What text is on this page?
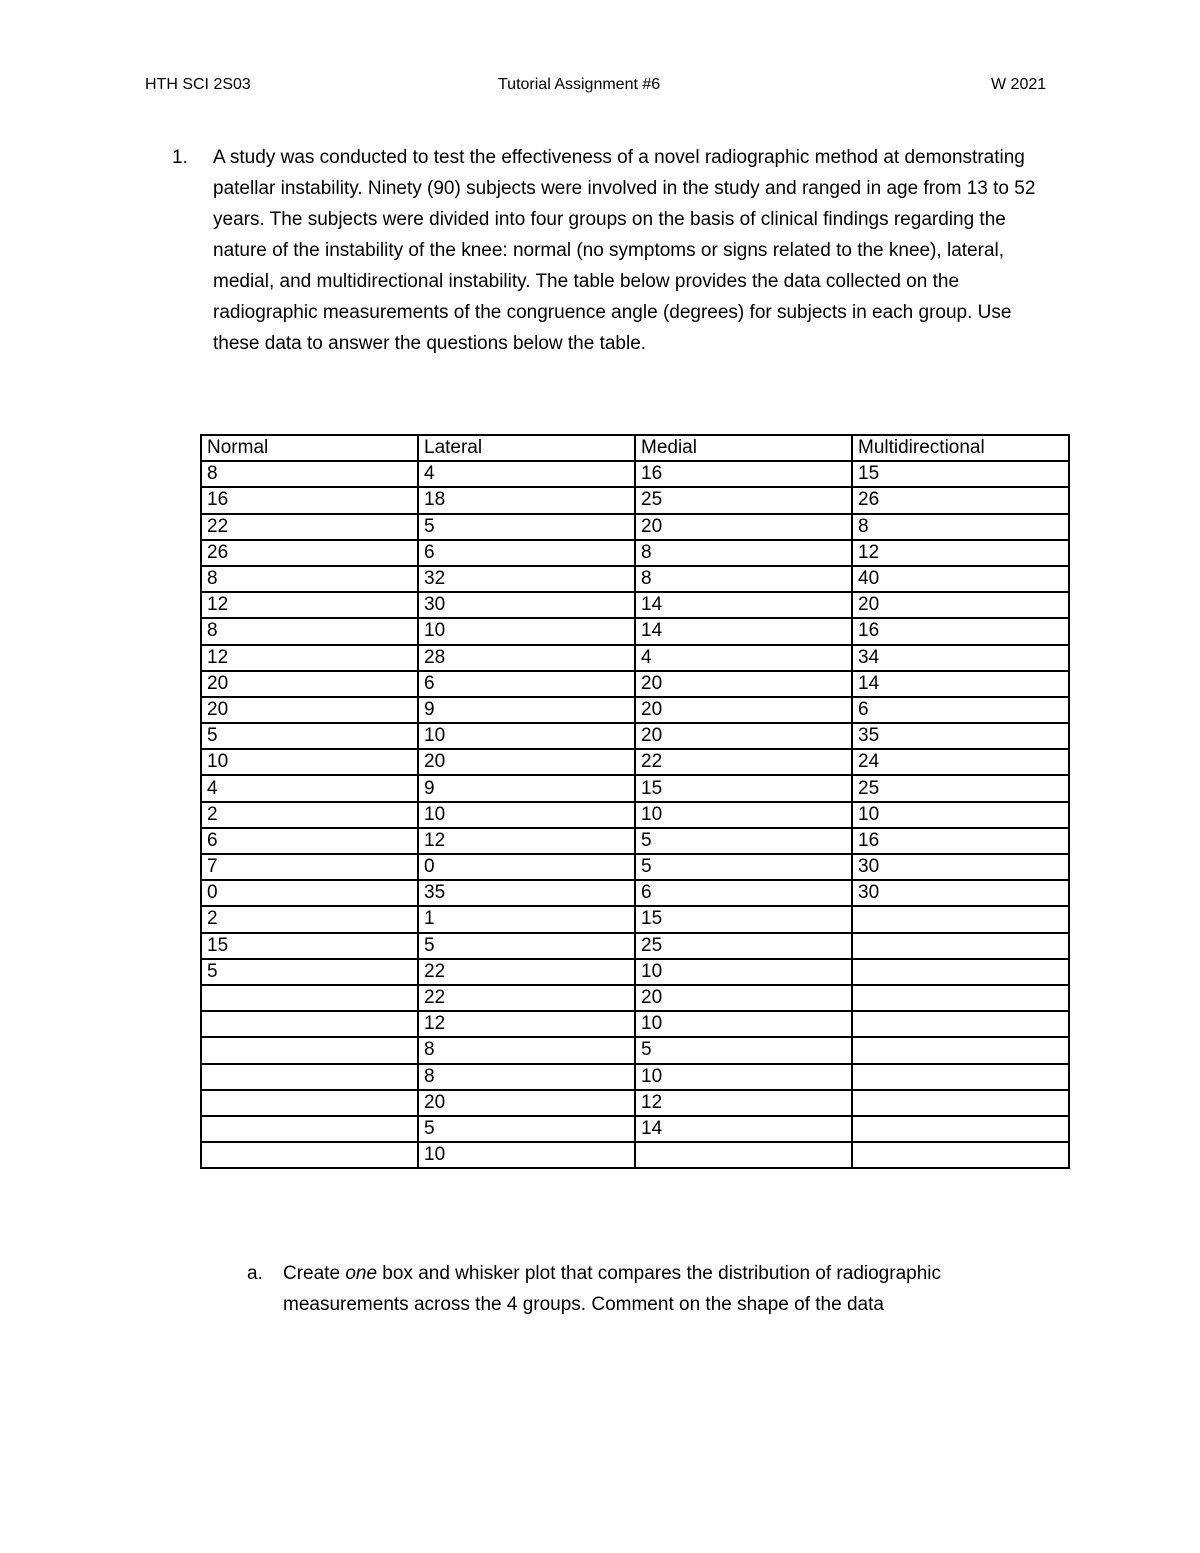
HTH SCI 2S03	Tutorial Assignment #6	W 2021
1. A study was conducted to test the effectiveness of a novel radiographic method at demonstrating patellar instability. Ninety (90) subjects were involved in the study and ranged in age from 13 to 52 years. The subjects were divided into four groups on the basis of clinical findings regarding the nature of the instability of the knee: normal (no symptoms or signs related to the knee), lateral, medial, and multidirectional instability. The table below provides the data collected on the radiographic measurements of the congruence angle (degrees) for subjects in each group. Use these data to answer the questions below the table.
Normal	Lateral	Medial	Multidirectional
8	4	16	15
16	18	25	26
22	5	20	8
26	6	8	12
8	32	8	40
12	30	14	20
8	10	14	16
12	28	4	34
20	6	20	14
20	9	20	6
5	10	20	35
10	20	22	24
4	9	15	25
2	10	10	10
6	12	5	16
7	0	5	30
0	35	6	30
2	1	15	
15	5	25	
5	22	10	
	22	20	
	12	10	
	8	5	
	8	10	
	20	12	
	5	14	
	10		
a. Create one box and whisker plot that compares the distribution of radiographic measurements across the 4 groups. Comment on the shape of the data
